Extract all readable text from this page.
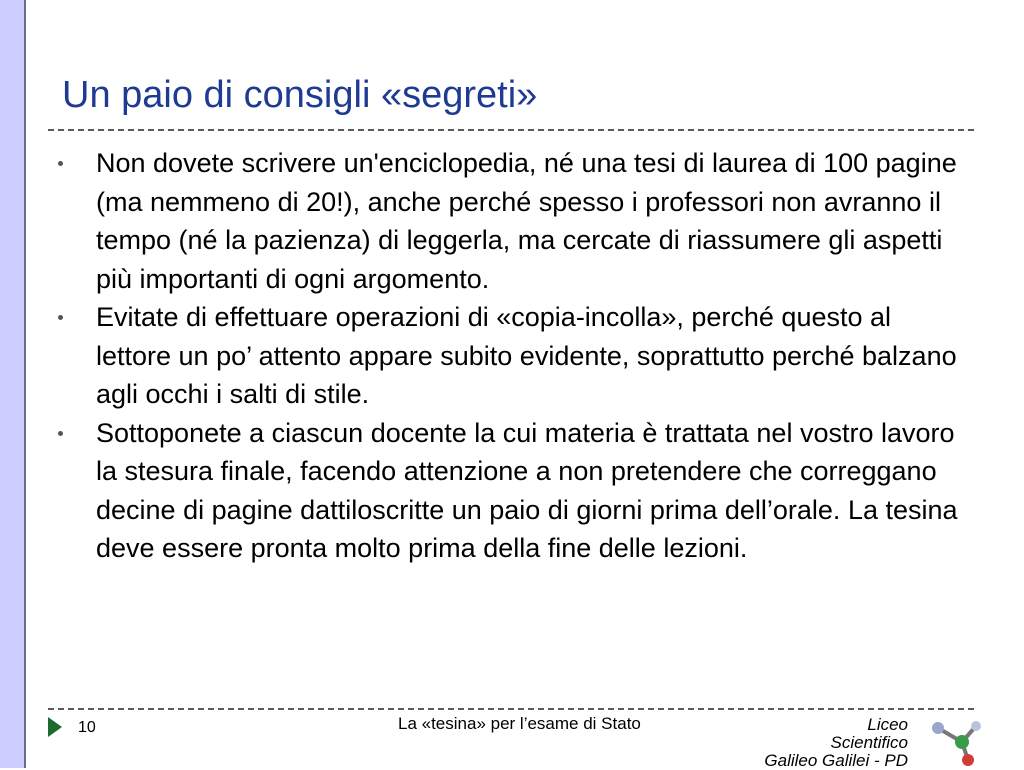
Un paio di consigli «segreti»
Non dovete scrivere un'enciclopedia, né una tesi di laurea di 100 pagine (ma nemmeno di 20!), anche perché spesso i professori non avranno il tempo (né la pazienza) di leggerla, ma cercate di riassumere gli aspetti più importanti di ogni argomento.
Evitate di effettuare operazioni di «copia-incolla», perché questo al lettore un po’ attento appare subito evidente, soprattutto perché balzano agli occhi i salti di stile.
Sottoponete a ciascun docente la cui materia è trattata nel vostro lavoro la stesura finale, facendo attenzione a non pretendere che correggano decine di pagine dattiloscritte un paio di giorni prima dell’orale. La tesina deve essere pronta molto prima della fine delle lezioni.
10	La «tesina» per l’esame di Stato	Liceo
Scientifico
Galileo Galilei - PD
